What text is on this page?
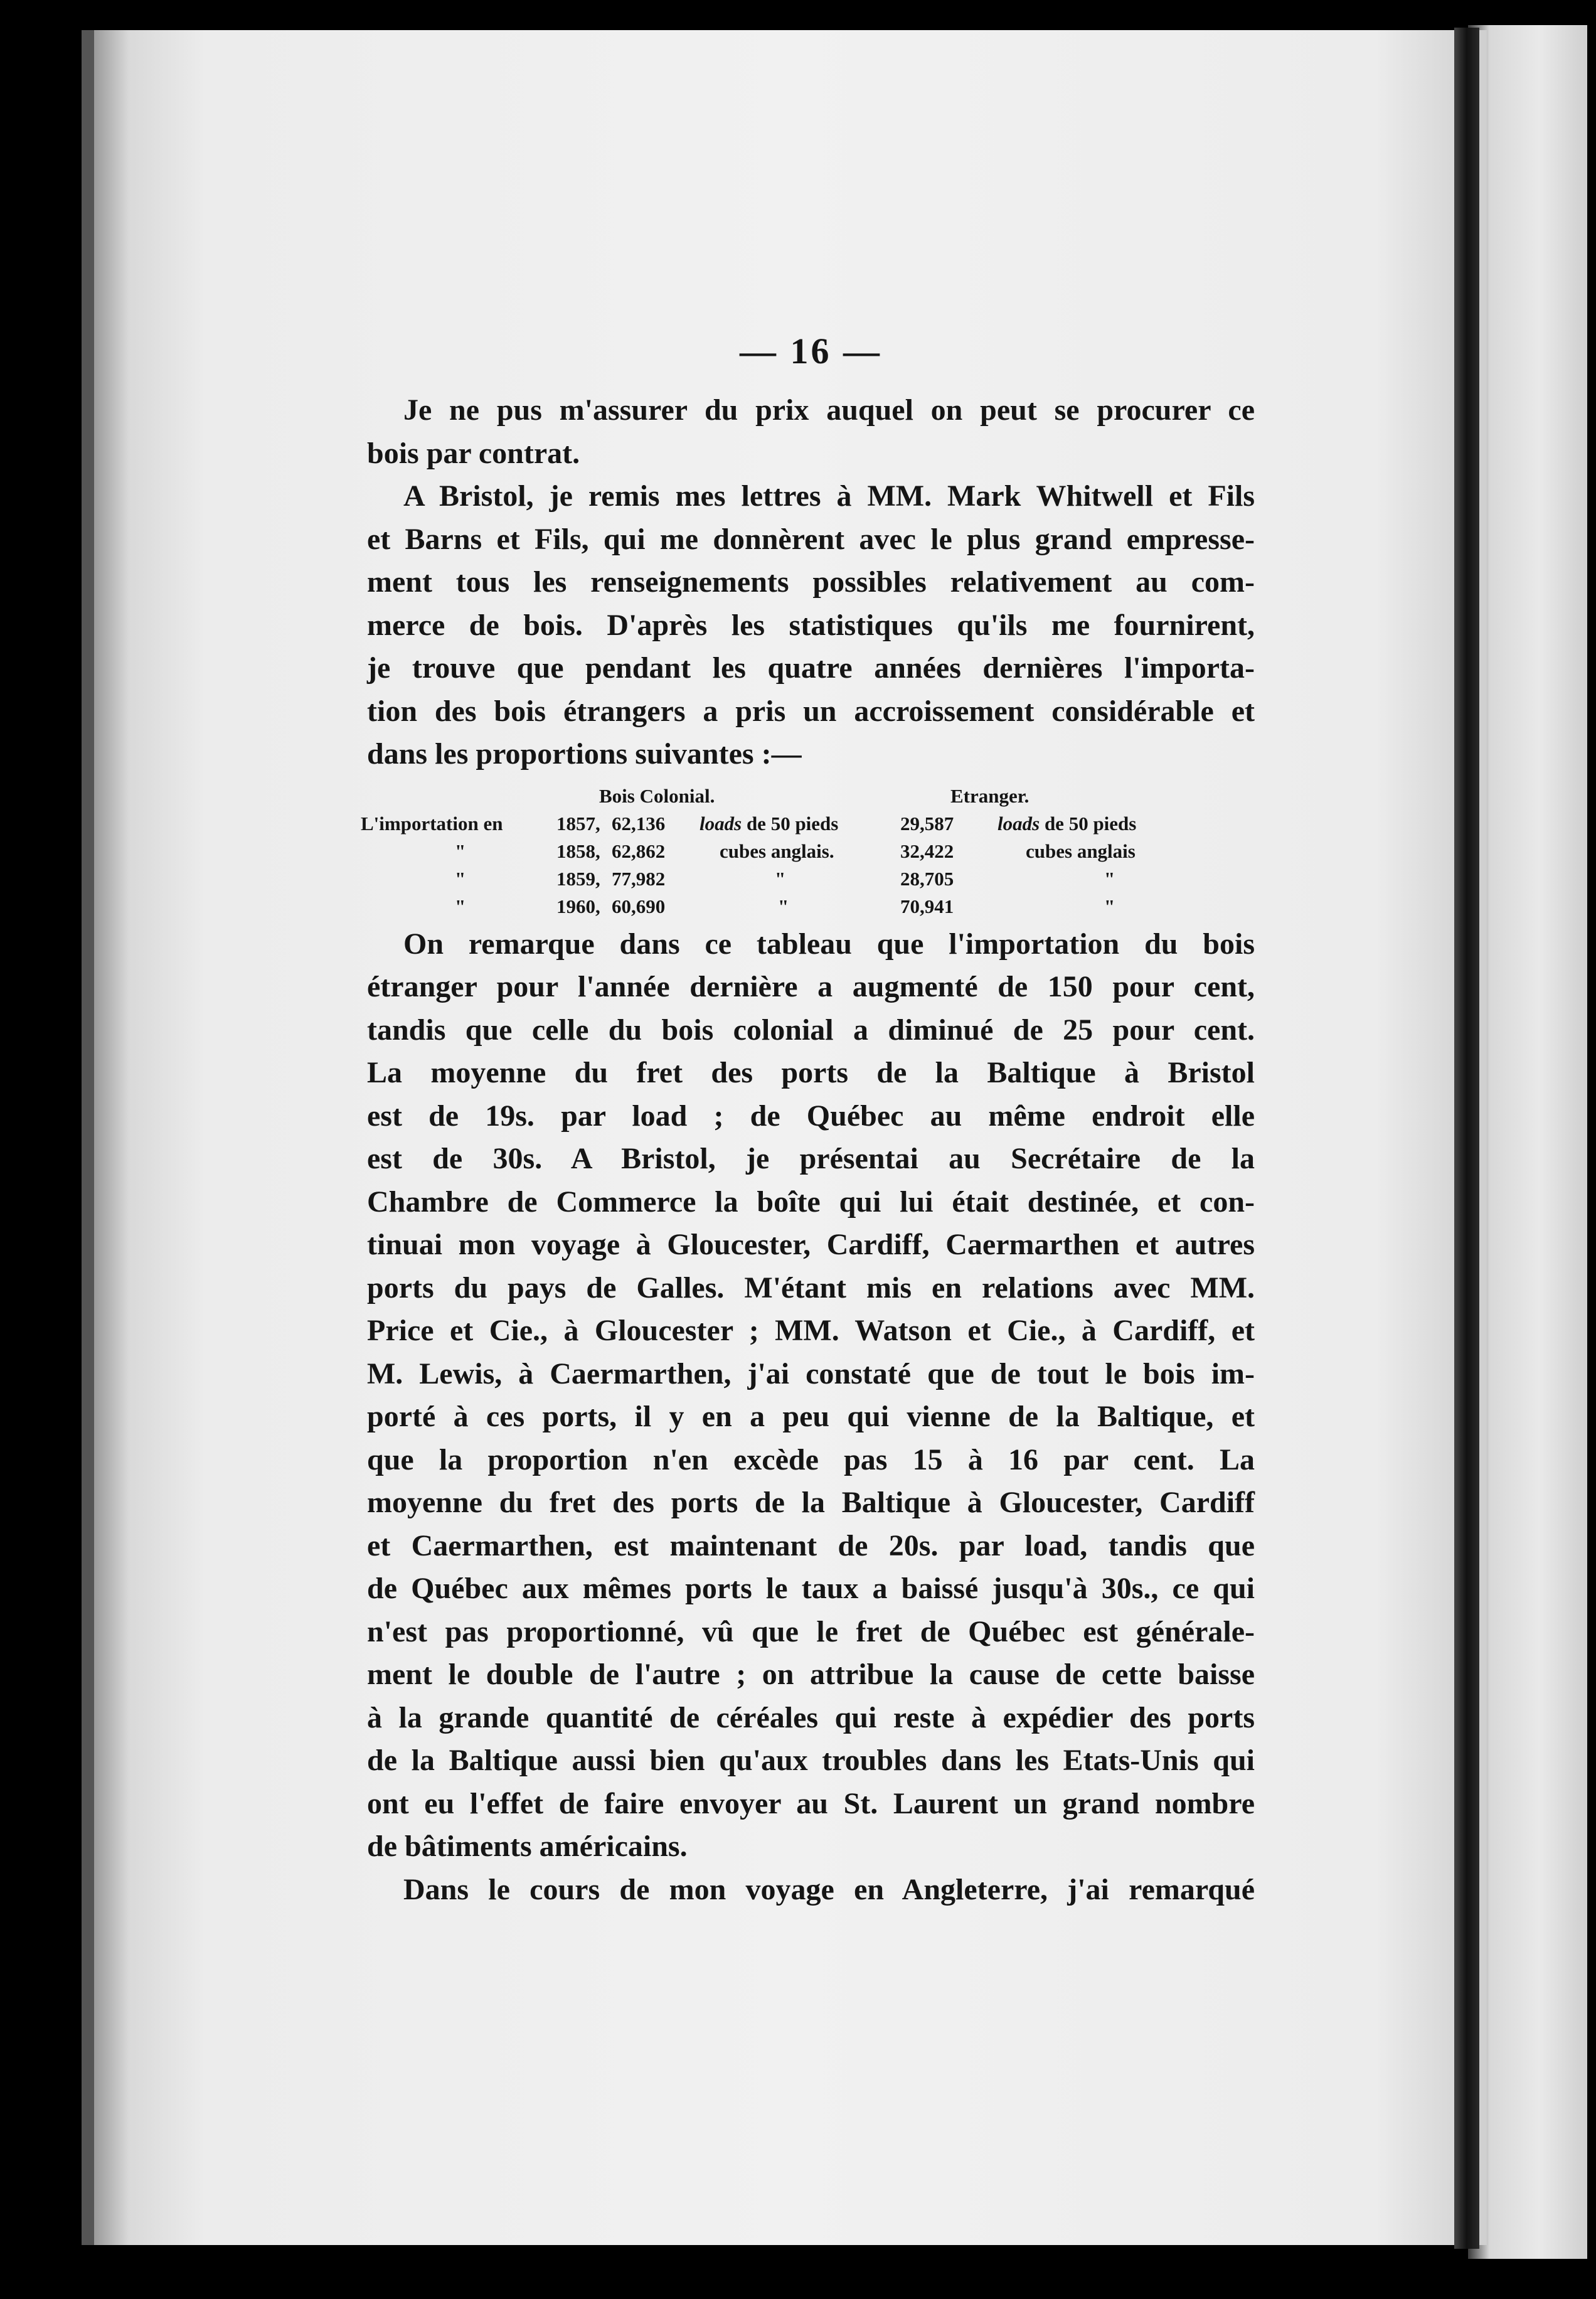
— 16 —

Je ne pus m'assurer du prix auquel on peut se procurer ce
bois par contrat.

A Bristol, je remis mes lettres à MM. Mark Whitwell et Fils
et Barns et Fils, qui me donnèrent avec le plus grand empresse-
ment tous les renseignements possibles relativement au com-
merce de bois. D'après les statistiques qu'ils me fournirent,
je trouve que pendant les quatre années dernières l'importa-
tion des bois étrangers a pris un accroissement considérable et
dans les proportions suivantes :—

Bois Colonial.	Etranger.
L'importation en	1857, 62,136 loads de 50 pieds	29,587 loads de 50 pieds
"	1858, 62,862	cubes anglais.	32,422	cubes anglais
"	1859, 77,982	"	28,705	"
"	1960, 60,690	"	70,941	"

On remarque dans ce tableau que l'importation du bois
étranger pour l'année dernière a augmenté de 150 pour cent,
tandis que celle du bois colonial a diminué de 25 pour cent.
La moyenne du fret des ports de la Baltique à Bristol
est de 19s. par load ; de Québec au même endroit elle
est de 30s. A Bristol, je présentai au Secrétaire de la
Chambre de Commerce la boîte qui lui était destinée, et con-
tinuai mon voyage à Gloucester, Cardiff, Caermarthen et autres
ports du pays de Galles. M'étant mis en relations avec MM.
Price et Cie., à Gloucester ; MM. Watson et Cie., à Cardiff, et
M. Lewis, à Caermarthen, j'ai constaté que de tout le bois im-
porté à ces ports, il y en a peu qui vienne de la Baltique, et
que la proportion n'en excède pas 15 à 16 par cent. La
moyenne du fret des ports de la Baltique à Gloucester, Cardiff
et Caermarthen, est maintenant de 20s. par load, tandis que
de Québec aux mêmes ports le taux a baissé jusqu'à 30s., ce qui
n'est pas proportionné, vû que le fret de Québec est générale-
ment le double de l'autre ; on attribue la cause de cette baisse
à la grande quantité de céréales qui reste à expédier des ports
de la Baltique aussi bien qu'aux troubles dans les Etats-Unis qui
ont eu l'effet de faire envoyer au St. Laurent un grand nombre
de bâtiments américains.

Dans le cours de mon voyage en Angleterre, j'ai remarqué
